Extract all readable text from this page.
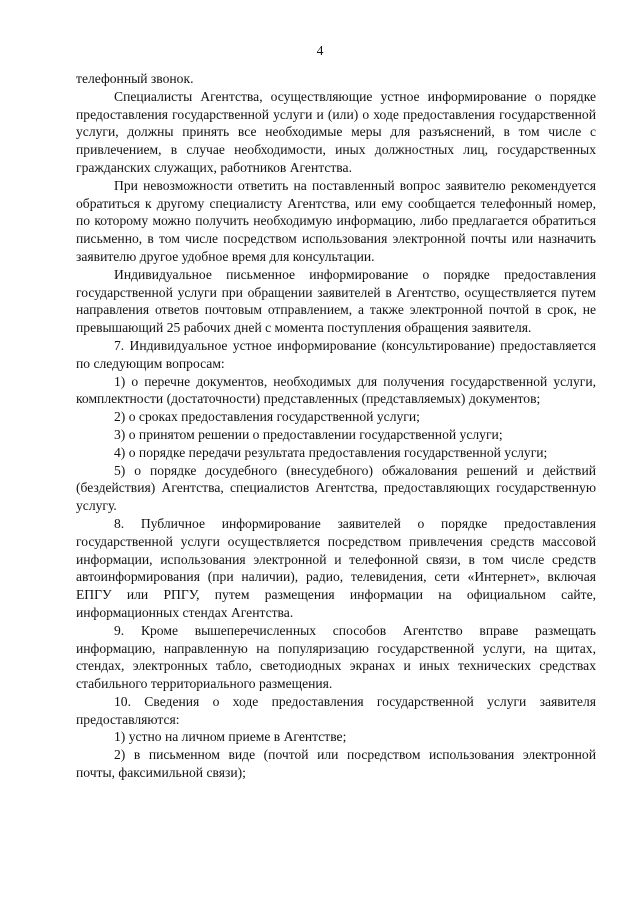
4

телефонный звонок.

Специалисты Агентства, осуществляющие устное информирование о порядке предоставления государственной услуги и (или) о ходе предоставления государственной услуги, должны принять все необходимые меры для разъяснений, в том числе с привлечением, в случае необходимости, иных должностных лиц, государственных гражданских служащих, работников Агентства.

При невозможности ответить на поставленный вопрос заявителю рекомендуется обратиться к другому специалисту Агентства, или ему сообщается телефонный номер, по которому можно получить необходимую информацию, либо предлагается обратиться письменно, в том числе посредством использования электронной почты или назначить заявителю другое удобное время для консультации.

Индивидуальное письменное информирование о порядке предоставления государственной услуги при обращении заявителей в Агентство, осуществляется путем направления ответов почтовым отправлением, а также электронной почтой в срок, не превышающий 25 рабочих дней с момента поступления обращения заявителя.

7. Индивидуальное устное информирование (консультирование) предоставляется по следующим вопросам:

1) о перечне документов, необходимых для получения государственной услуги, комплектности (достаточности) представленных (представляемых) документов;

2) о сроках предоставления государственной услуги;

3) о принятом решении о предоставлении государственной услуги;

4) о порядке передачи результата предоставления государственной услуги;

5) о порядке досудебного (внесудебного) обжалования решений и действий (бездействия) Агентства, специалистов Агентства, предоставляющих государственную услугу.

8. Публичное информирование заявителей о порядке предоставления государственной услуги осуществляется посредством привлечения средств массовой информации, использования электронной и телефонной связи, в том числе средств автоинформирования (при наличии), радио, телевидения, сети «Интернет», включая ЕПГУ или РПГУ, путем размещения информации на официальном сайте, информационных стендах Агентства.

9. Кроме вышеперечисленных способов Агентство вправе размещать информацию, направленную на популяризацию государственной услуги, на щитах, стендах, электронных табло, светодиодных экранах и иных технических средствах стабильного территориального размещения.

10. Сведения о ходе предоставления государственной услуги заявителя предоставляются:

1) устно на личном приеме в Агентстве;

2) в письменном виде (почтой или посредством использования электронной почты, факсимильной связи);
